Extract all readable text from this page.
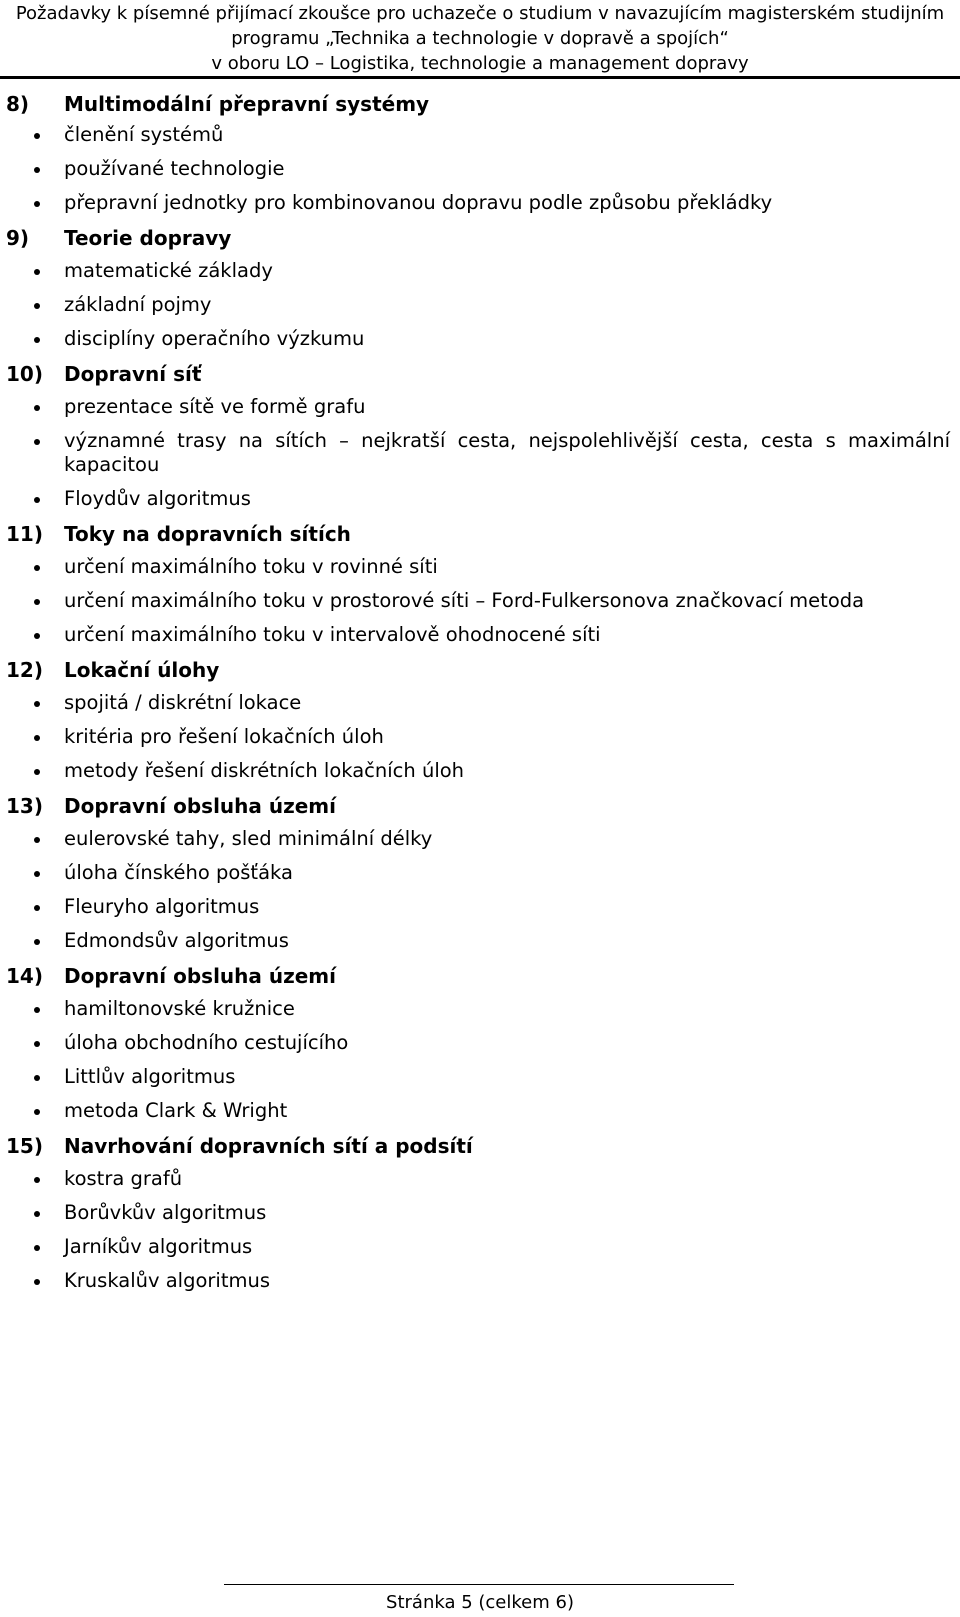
Požadavky k písemné přijímací zkoušce pro uchazeče o studium v navazujícím magisterském studijním
programu „Technika a technologie v dopravě a spojích“
v oboru LO – Logistika, technologie a management dopravy
8) Multimodální přepravní systémy
členění systémů
používané technologie
přepravní jednotky pro kombinovanou dopravu podle způsobu překládky
9) Teorie dopravy
matematické základy
základní pojmy
disciplíny operačního výzkumu
10) Dopravní síť
prezentace sítě ve formě grafu
významné trasy na sítích – nejkratší cesta, nejspolehlivější cesta, cesta s maximální kapacitou
Floydův algoritmus
11) Toky na dopravních sítích
určení maximálního toku v rovinné síti
určení maximálního toku v prostorové síti – Ford-Fulkersonova značkovací metoda
určení maximálního toku v intervalově ohodnocené síti
12) Lokační úlohy
spojitá / diskrétní lokace
kritéria pro řešení lokačních úloh
metody řešení diskrétních lokačních úloh
13) Dopravní obsluha území
eulerovské tahy, sled minimální délky
úloha čínského pošťáka
Fleuryho algoritmus
Edmondsův algoritmus
14) Dopravní obsluha území
hamiltonovské kružnice
úloha obchodního cestujícího
Littlův algoritmus
metoda Clark & Wright
15) Navrhování dopravních sítí a podsítí
kostra grafů
Borůvkův algoritmus
Jarníkův algoritmus
Kruskalův algoritmus
Stránka 5 (celkem 6)
